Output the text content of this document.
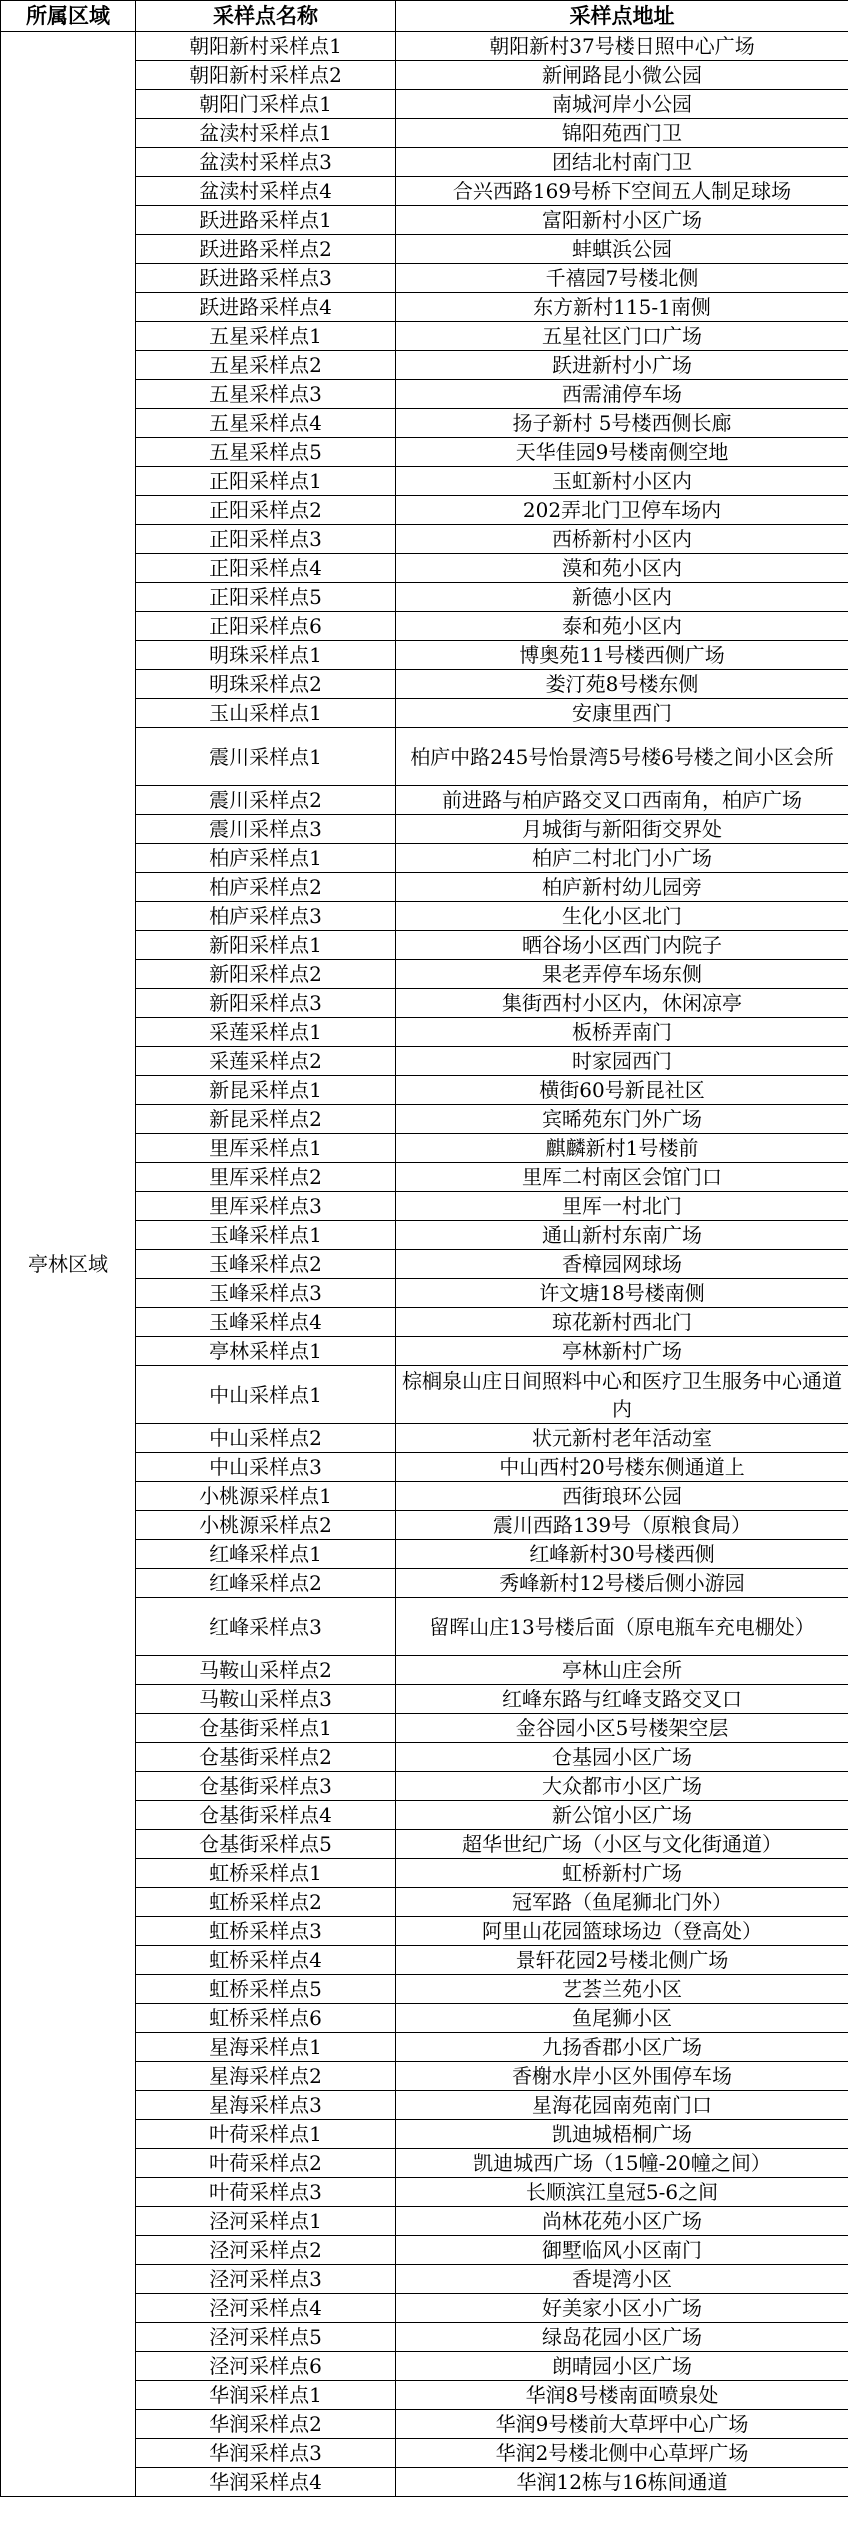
所属区域	采样点名称	采样点地址
亭林区域	朝阳新村采样点1	朝阳新村37号楼日照中心广场
	朝阳新村采样点2	新闸路昆小微公园
	朝阳门采样点1	南城河岸小公园
	盆渎村采样点1	锦阳苑西门卫
	盆渎村采样点3	团结北村南门卫
	盆渎村采样点4	合兴西路169号桥下空间五人制足球场
	跃进路采样点1	富阳新村小区广场
	跃进路采样点2	蚌蜞浜公园
	跃进路采样点3	千禧园7号楼北侧
	跃进路采样点4	东方新村115-1南侧
	五星采样点1	五星社区门口广场
	五星采样点2	跃进新村小广场
	五星采样点3	西需浦停车场
	五星采样点4	扬子新村 5号楼西侧长廊
	五星采样点5	天华佳园9号楼南侧空地
	正阳采样点1	玉虹新村小区内
	正阳采样点2	202弄北门卫停车场内
	正阳采样点3	西桥新村小区内
	正阳采样点4	漠和苑小区内
	正阳采样点5	新德小区内
	正阳采样点6	泰和苑小区内
	明珠采样点1	博奥苑11号楼西侧广场
	明珠采样点2	娄汀苑8号楼东侧
	玉山采样点1	安康里西门
	震川采样点1	柏庐中路245号怡景湾5号楼6号楼之间小区会所
	震川采样点2	前进路与柏庐路交叉口西南角，柏庐广场
	震川采样点3	月城街与新阳街交界处
	柏庐采样点1	柏庐二村北门小广场
	柏庐采样点2	柏庐新村幼儿园旁
	柏庐采样点3	生化小区北门
	新阳采样点1	晒谷场小区西门内院子
	新阳采样点2	果老弄停车场东侧
	新阳采样点3	集街西村小区内，休闲凉亭
	采莲采样点1	板桥弄南门
	采莲采样点2	时家园西门
	新昆采样点1	横街60号新昆社区
	新昆采样点2	宾晞苑东门外广场
	里厍采样点1	麒麟新村1号楼前
	里厍采样点2	里厍二村南区会馆门口
	里厍采样点3	里厍一村北门
	玉峰采样点1	通山新村东南广场
	玉峰采样点2	香樟园网球场
	玉峰采样点3	许文塘18号楼南侧
	玉峰采样点4	琼花新村西北门
	亭林采样点1	亭林新村广场
	中山采样点1	棕榈泉山庄日间照料中心和医疗卫生服务中心通道内
	中山采样点2	状元新村老年活动室
	中山采样点3	中山西村20号楼东侧通道上
	小桃源采样点1	西街琅环公园
	小桃源采样点2	震川西路139号（原粮食局）
	红峰采样点1	红峰新村30号楼西侧
	红峰采样点2	秀峰新村12号楼后侧小游园
	红峰采样点3	留晖山庄13号楼后面（原电瓶车充电棚处）
	马鞍山采样点2	亭林山庄会所
	马鞍山采样点3	红峰东路与红峰支路交叉口
	仓基街采样点1	金谷园小区5号楼架空层
	仓基街采样点2	仓基园小区广场
	仓基街采样点3	大众都市小区广场
	仓基街采样点4	新公馆小区广场
	仓基街采样点5	超华世纪广场（小区与文化街通道）
	虹桥采样点1	虹桥新村广场
	虹桥采样点2	冠军路（鱼尾狮北门外）
	虹桥采样点3	阿里山花园篮球场边（登高处）
	虹桥采样点4	景轩花园2号楼北侧广场
	虹桥采样点5	艺荟兰苑小区
	虹桥采样点6	鱼尾狮小区
	星海采样点1	九扬香郡小区广场
	星海采样点2	香榭水岸小区外围停车场
	星海采样点3	星海花园南苑南门口
	叶荷采样点1	凯迪城梧桐广场
	叶荷采样点2	凯迪城西广场（15幢-20幢之间）
	叶荷采样点3	长顺滨江皇冠5-6之间
	泾河采样点1	尚林花苑小区广场
	泾河采样点2	御墅临风小区南门
	泾河采样点3	香堤湾小区
	泾河采样点4	好美家小区小广场
	泾河采样点5	绿岛花园小区广场
	泾河采样点6	朗晴园小区广场
	华润采样点1	华润8号楼南面喷泉处
	华润采样点2	华润9号楼前大草坪中心广场
	华润采样点3	华润2号楼北侧中心草坪广场
	华润采样点4	华润12栋与16栋间通道
